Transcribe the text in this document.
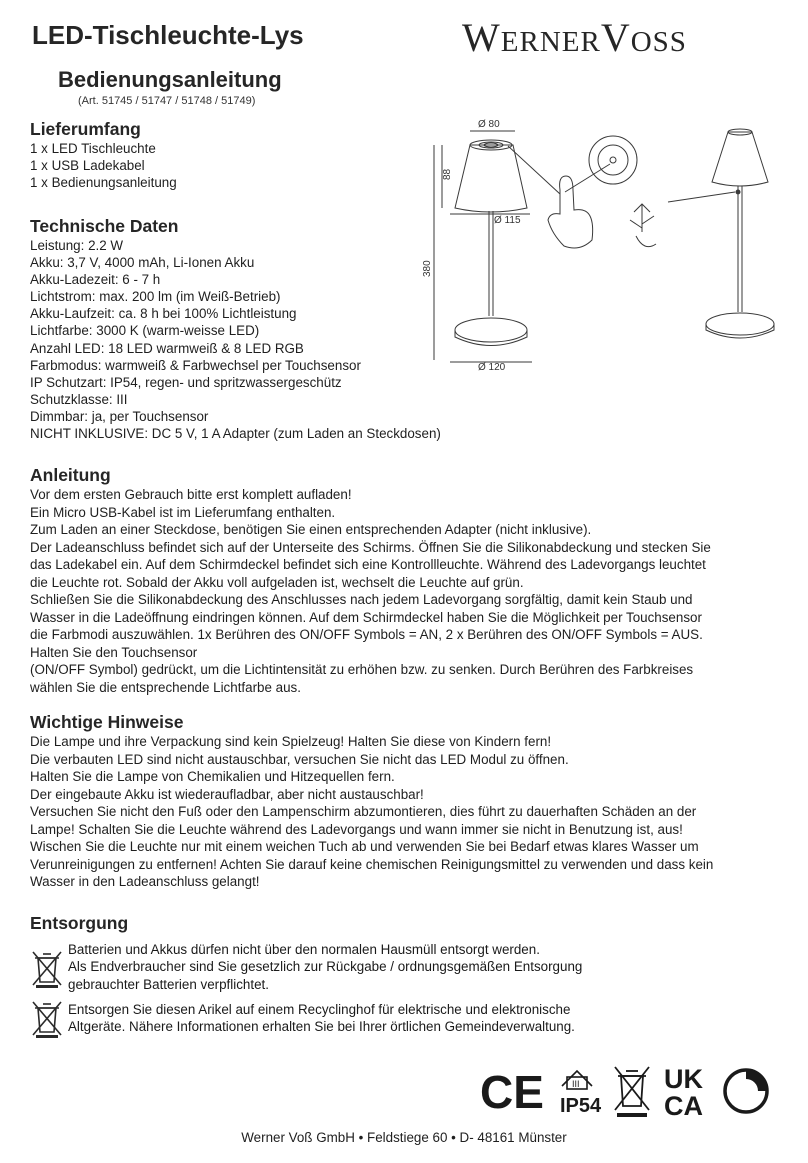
LED-Tischleuchte-Lys	WERNERVOSS
Bedienungsanleitung
(Art. 51745 / 51747 / 51748 / 51749)
Lieferumfang
1 x LED Tischleuchte
1 x USB Ladekabel
1 x Bedienungsanleitung
Technische Daten
Leistung: 2.2 W
Akku: 3,7 V, 4000 mAh, Li-Ionen Akku
Akku-Ladezeit: 6 - 7 h
Lichtstrom: max. 200 lm (im Weiß-Betrieb)
Akku-Laufzeit: ca. 8 h bei 100% Lichtleistung
Lichtfarbe: 3000 K (warm-weisse LED)
Anzahl LED: 18 LED warmweiß & 8 LED RGB
Farbmodus: warmweiß & Farbwechsel per Touchsensor
IP Schutzart: IP54, regen- und spritzwassergeschütz
Schutzklasse: III
Dimmbar: ja, per Touchsensor
NICHT INKLUSIVE: DC 5 V, 1 A Adapter (zum Laden an Steckdosen)
Ø 80
88
Ø 115
380
Ø 120
Anleitung
Vor dem ersten Gebrauch bitte erst komplett aufladen!
Ein Micro USB-Kabel ist im Lieferumfang enthalten.
Zum Laden an einer Steckdose, benötigen Sie einen entsprechenden Adapter (nicht inklusive).
Der Ladeanschluss befindet sich auf der Unterseite des Schirms. Öffnen Sie die Silikonabdeckung und stecken Sie
das Ladekabel ein. Auf dem Schirmdeckel befindet sich eine Kontrollleuchte. Während des Ladevorgangs leuchtet
die Leuchte rot. Sobald der Akku voll aufgeladen ist, wechselt die Leuchte auf grün.
Schließen Sie die Silikonabdeckung des Anschlusses nach jedem Ladevorgang sorgfältig, damit kein Staub und
Wasser in die Ladeöffnung eindringen können. Auf dem Schirmdeckel haben Sie die Möglichkeit per Touchsensor
die Farbmodi auszuwählen. 1x Berühren des ON/OFF Symbols = AN, 2 x Berühren des ON/OFF Symbols = AUS.
Halten Sie den Touchsensor
(ON/OFF Symbol) gedrückt, um die Lichtintensität zu erhöhen bzw. zu senken. Durch Berühren des Farbkreises
wählen Sie die entsprechende Lichtfarbe aus.
Wichtige Hinweise
Die Lampe und ihre Verpackung sind kein Spielzeug! Halten Sie diese von Kindern fern!
Die verbauten LED sind nicht austauschbar, versuchen Sie nicht das LED Modul zu öffnen.
Halten Sie die Lampe von Chemikalien und Hitzequellen fern.
Der eingebaute Akku ist wiederaufladbar, aber nicht austauschbar!
Versuchen Sie nicht den Fuß oder den Lampenschirm abzumontieren, dies führt zu dauerhaften Schäden an der
Lampe! Schalten Sie die Leuchte während des Ladevorgangs und wann immer sie nicht in Benutzung ist, aus!
Wischen Sie die Leuchte nur mit einem weichen Tuch ab und verwenden Sie bei Bedarf etwas klares Wasser um
Verunreinigungen zu entfernen! Achten Sie darauf keine chemischen Reinigungsmittel zu verwenden und dass kein
Wasser in den Ladeanschluss gelangt!
Entsorgung
Batterien und Akkus dürfen nicht über den normalen Hausmüll entsorgt werden.
Als Endverbraucher sind Sie gesetzlich zur Rückgabe / ordnungsgemäßen Entsorgung
gebrauchter Batterien verpflichtet.
Entsorgen Sie diesen Arikel auf einem Recyclinghof für elektrische und elektronische
Altgeräte. Nähere Informationen erhalten Sie bei Ihrer örtlichen Gemeindeverwaltung.
CE	III
IP54
UK
CA
Werner Voß GmbH • Feldstiege 60 • D- 48161 Münster
